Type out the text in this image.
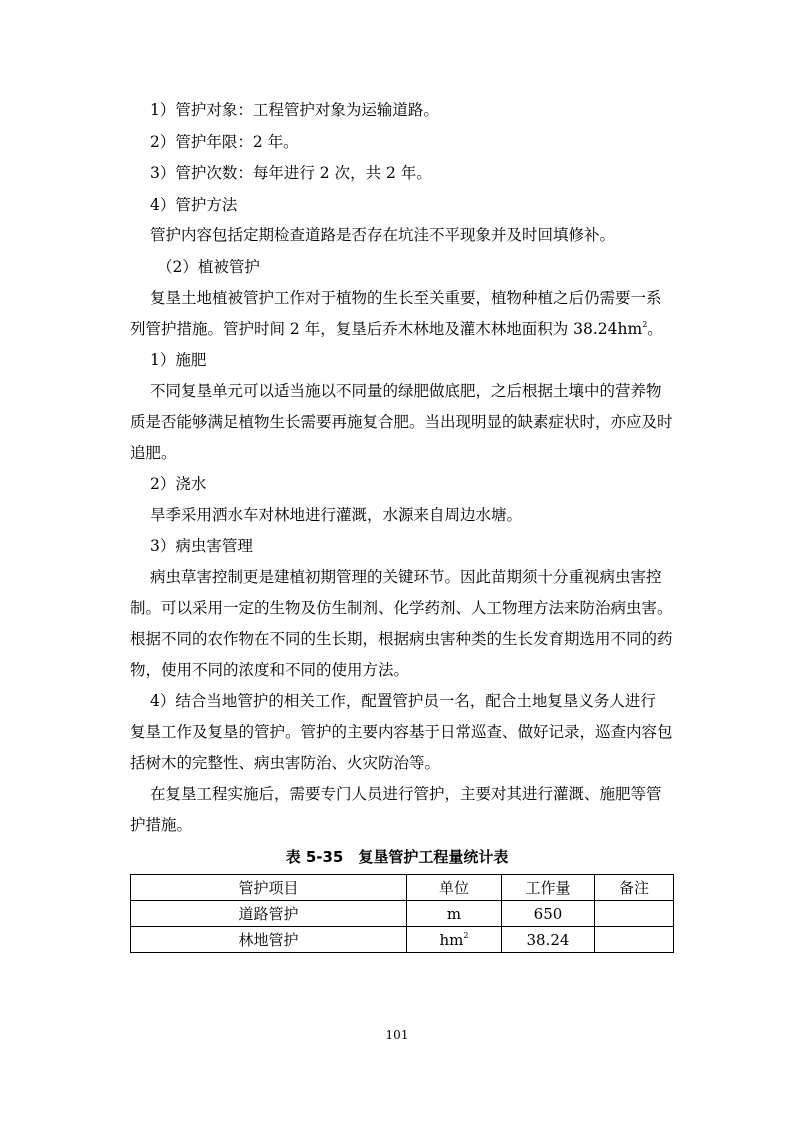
1）管护对象：工程管护对象为运输道路。
2）管护年限：2 年。
3）管护次数：每年进行 2 次，共 2 年。
4）管护方法
管护内容包括定期检查道路是否存在坑洼不平现象并及时回填修补。
（2）植被管护
复垦土地植被管护工作对于植物的生长至关重要，植物种植之后仍需要一系
列管护措施。管护时间 2 年，复垦后乔木林地及灌木林地面积为 $38.24hm^2$。
1）施肥
不同复垦单元可以适当施以不同量的绿肥做底肥，之后根据土壤中的营养物
质是否能够满足植物生长需要再施复合肥。当出现明显的缺素症状时，亦应及时
追肥。
2）浇水
旱季采用洒水车对林地进行灌溉，水源来自周边水塘。
3）病虫害管理
病虫草害控制更是建植初期管理的关键环节。因此苗期须十分重视病虫害控
制。可以采用一定的生物及仿生制剂、化学药剂、人工物理方法来防治病虫害。
根据不同的农作物在不同的生长期，根据病虫害种类的生长发育期选用不同的药
物，使用不同的浓度和不同的使用方法。
4）结合当地管护的相关工作，配置管护员一名，配合土地复垦义务人进行
复垦工作及复垦的管护。管护的主要内容基于日常巡查、做好记录，巡查内容包
括树木的完整性、病虫害防治、火灾防治等。
在复垦工程实施后，需要专门人员进行管护，主要对其进行灌溉、施肥等管
护措施。
表 5-35　复垦管护工程量统计表
管护项目	单位	工作量	备注
道路管护	m	650	
林地管护	$hm^2$	38.24	
101
